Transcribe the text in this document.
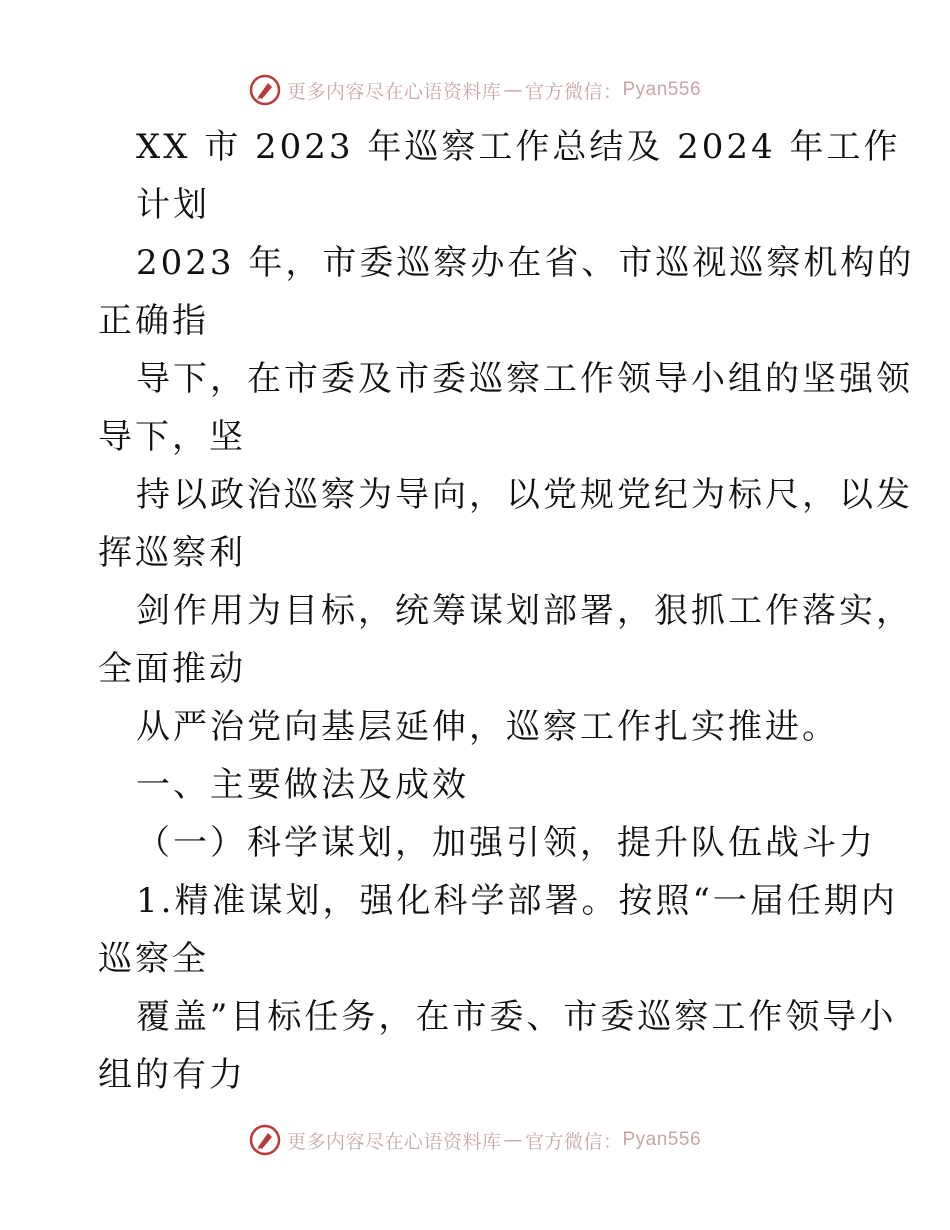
更多内容尽在心语资料库 — 官方微信： Pyan556
XX 市 2023 年巡察工作总结及 2024 年工作
计划
2023 年，市委巡察办在省、市巡视巡察机构的
正确指
导下，在市委及市委巡察工作领导小组的坚强领
导下，坚
持以政治巡察为导向，以党规党纪为标尺，以发
挥巡察利
剑作用为目标，统筹谋划部署，狠抓工作落实，
全面推动
从严治党向基层延伸，巡察工作扎实推进。
一、主要做法及成效
（一）科学谋划，加强引领，提升队伍战斗力
1.精准谋划，强化科学部署。按照“一届任期内
巡察全
覆盖”目标任务，在市委、市委巡察工作领导小
组的有力
更多内容尽在心语资料库 — 官方微信： Pyan556
